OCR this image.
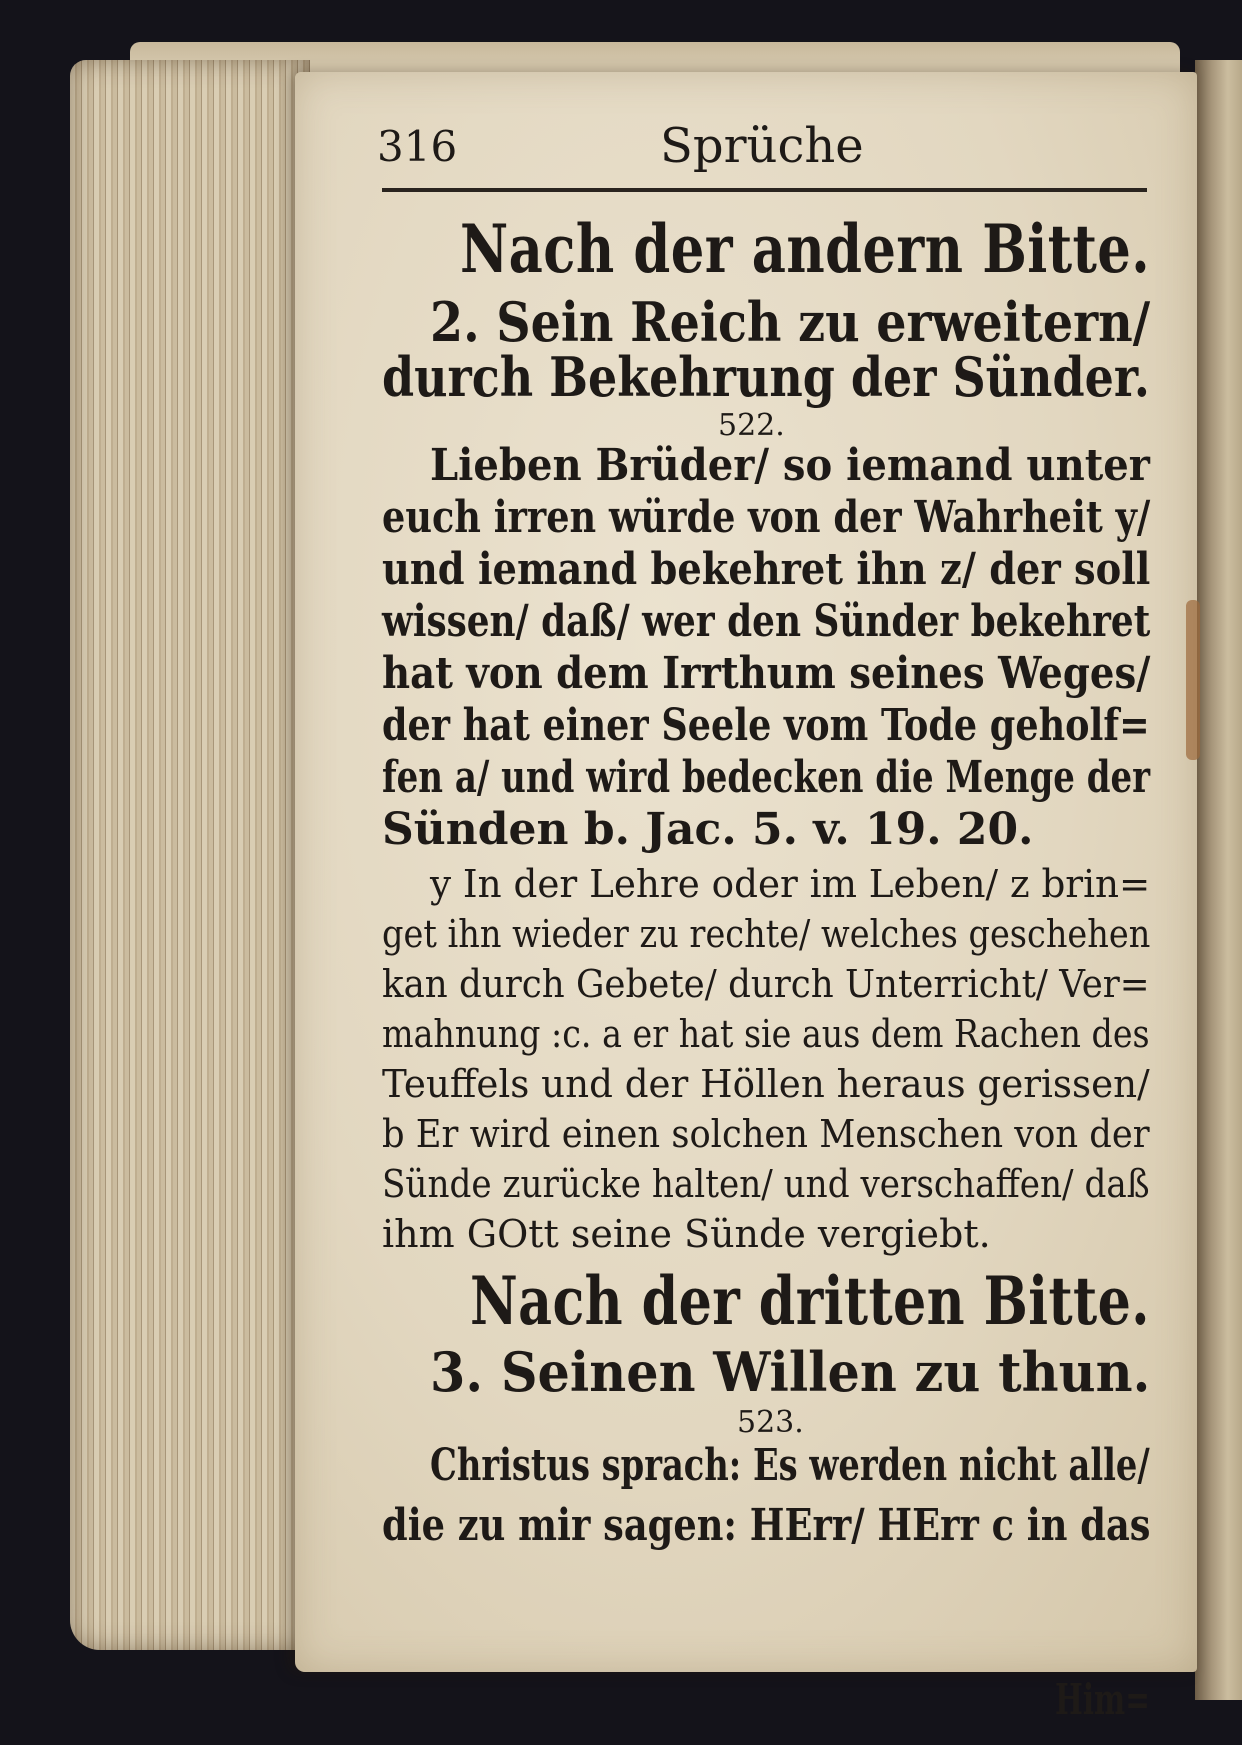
316	Sprüche
Nach der andern Bitte.
2. Sein Reich zu erweitern/
durch Bekehrung der Sünder.
522.
Lieben Brüder/ so iemand unter
euch irren würde von der Wahrheit y/
und iemand bekehret ihn z/ der soll
wissen/ daß/ wer den Sünder bekehret
hat von dem Irrthum seines Weges/
der hat einer Seele vom Tode geholf=
fen a/ und wird bedecken die Menge der
Sünden b. Jac. 5. v. 19. 20.
y In der Lehre oder im Leben/ z brin=
get ihn wieder zu rechte/ welches geschehen
kan durch Gebete/ durch Unterricht/ Ver=
mahnung :c. a er hat sie aus dem Rachen des
Teuffels und der Höllen heraus gerissen/
b Er wird einen solchen Menschen von der
Sünde zurücke halten/ und verschaffen/ daß
ihm GOtt seine Sünde vergiebt.
Nach der dritten Bitte.
3. Seinen Willen zu thun.
523.
Christus sprach: Es werden nicht alle/
die zu mir sagen: HErr/ HErr c in das
Him=
